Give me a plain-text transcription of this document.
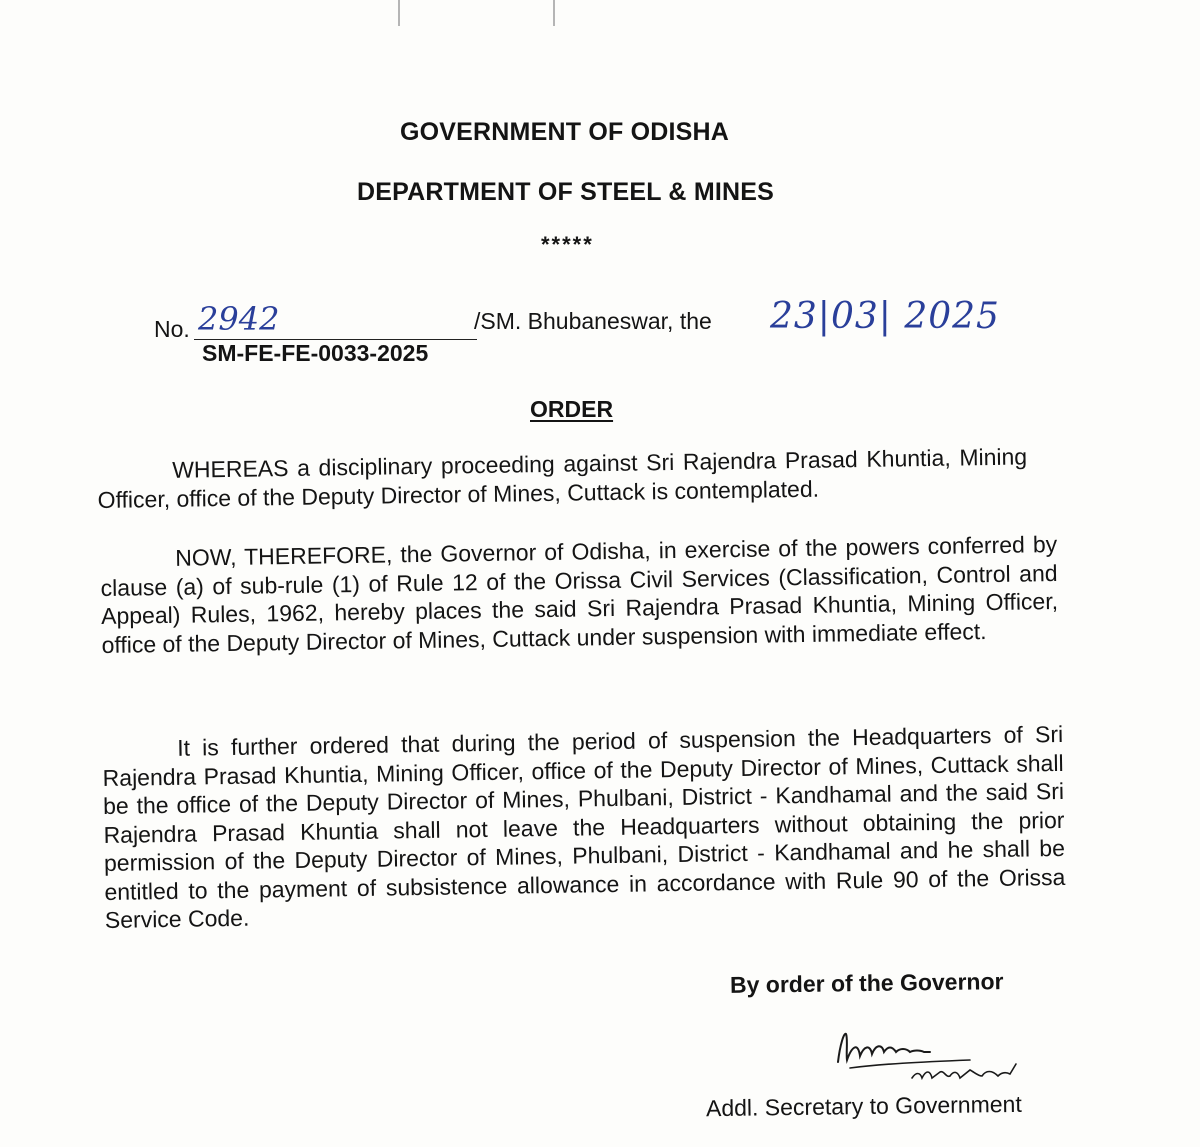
GOVERNMENT OF ODISHA
DEPARTMENT OF STEEL & MINES
*****
No. 2942	/SM. Bhubaneswar, the 23|03| 2025
SM-FE-FE-0033-2025
ORDER
WHEREAS a disciplinary proceeding against Sri Rajendra Prasad Khuntia, Mining Officer, office of the Deputy Director of Mines, Cuttack is contemplated.
NOW, THEREFORE, the Governor of Odisha, in exercise of the powers conferred by clause (a) of sub-rule (1) of Rule 12 of the Orissa Civil Services (Classification, Control and Appeal) Rules, 1962, hereby places the said Sri Rajendra Prasad Khuntia, Mining Officer, office of the Deputy Director of Mines, Cuttack under suspension with immediate effect.
It is further ordered that during the period of suspension the Headquarters of Sri Rajendra Prasad Khuntia, Mining Officer, office of the Deputy Director of Mines, Cuttack shall be the office of the Deputy Director of Mines, Phulbani, District - Kandhamal and the said Sri Rajendra Prasad Khuntia shall not leave the Headquarters without obtaining the prior permission of the Deputy Director of Mines, Phulbani, District - Kandhamal and he shall be entitled to the payment of subsistence allowance in accordance with Rule 90 of the Orissa Service Code.
By order of the Governor
Addl. Secretary to Government
